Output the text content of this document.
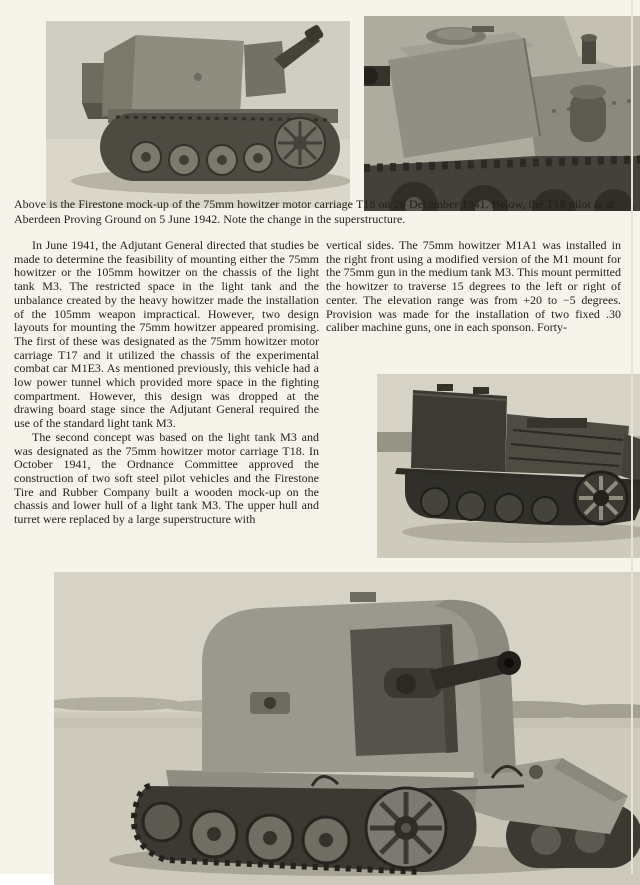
Above is the Firestone mock-up of the 75mm howitzer motor carriage T18 on 26 December 1941. Below, the T18 pilot is at Aberdeen Proving Ground on 5 June 1942. Note the change in the superstructure.

In June 1941, the Adjutant General directed that studies be made to determine the feasibility of mounting either the 75mm howitzer or the 105mm howitzer on the chassis of the light tank M3. The restricted space in the light tank and the unbalance created by the heavy howitzer made the installation of the 105mm weapon impractical. However, two design layouts for mounting the 75mm howitzer appeared promising. The first of these was designated as the 75mm howitzer motor carriage T17 and it utilized the chassis of the experimental combat car M1E3. As mentioned previously, this vehicle had a low power tunnel which provided more space in the fighting compartment. However, this design was dropped at the drawing board stage since the Adjutant General required the use of the standard light tank M3.

The second concept was based on the light tank M3 and was designated as the 75mm howitzer motor carriage T18. In October 1941, the Ordnance Committee approved the construction of two soft steel pilot vehicles and the Firestone Tire and Rubber Company built a wooden mock-up on the chassis and lower hull of a light tank M3. The upper hull and turret were replaced by a large superstructure with

vertical sides. The 75mm howitzer M1A1 was installed in the right front using a modified version of the M1 mount for the 75mm gun in the medium tank M3. This mount permitted the howitzer to traverse 15 degrees to the left or right of center. The elevation range was from +20 to −5 degrees. Provision was made for the installation of two fixed .30 caliber machine guns, one in each sponson. Forty-
